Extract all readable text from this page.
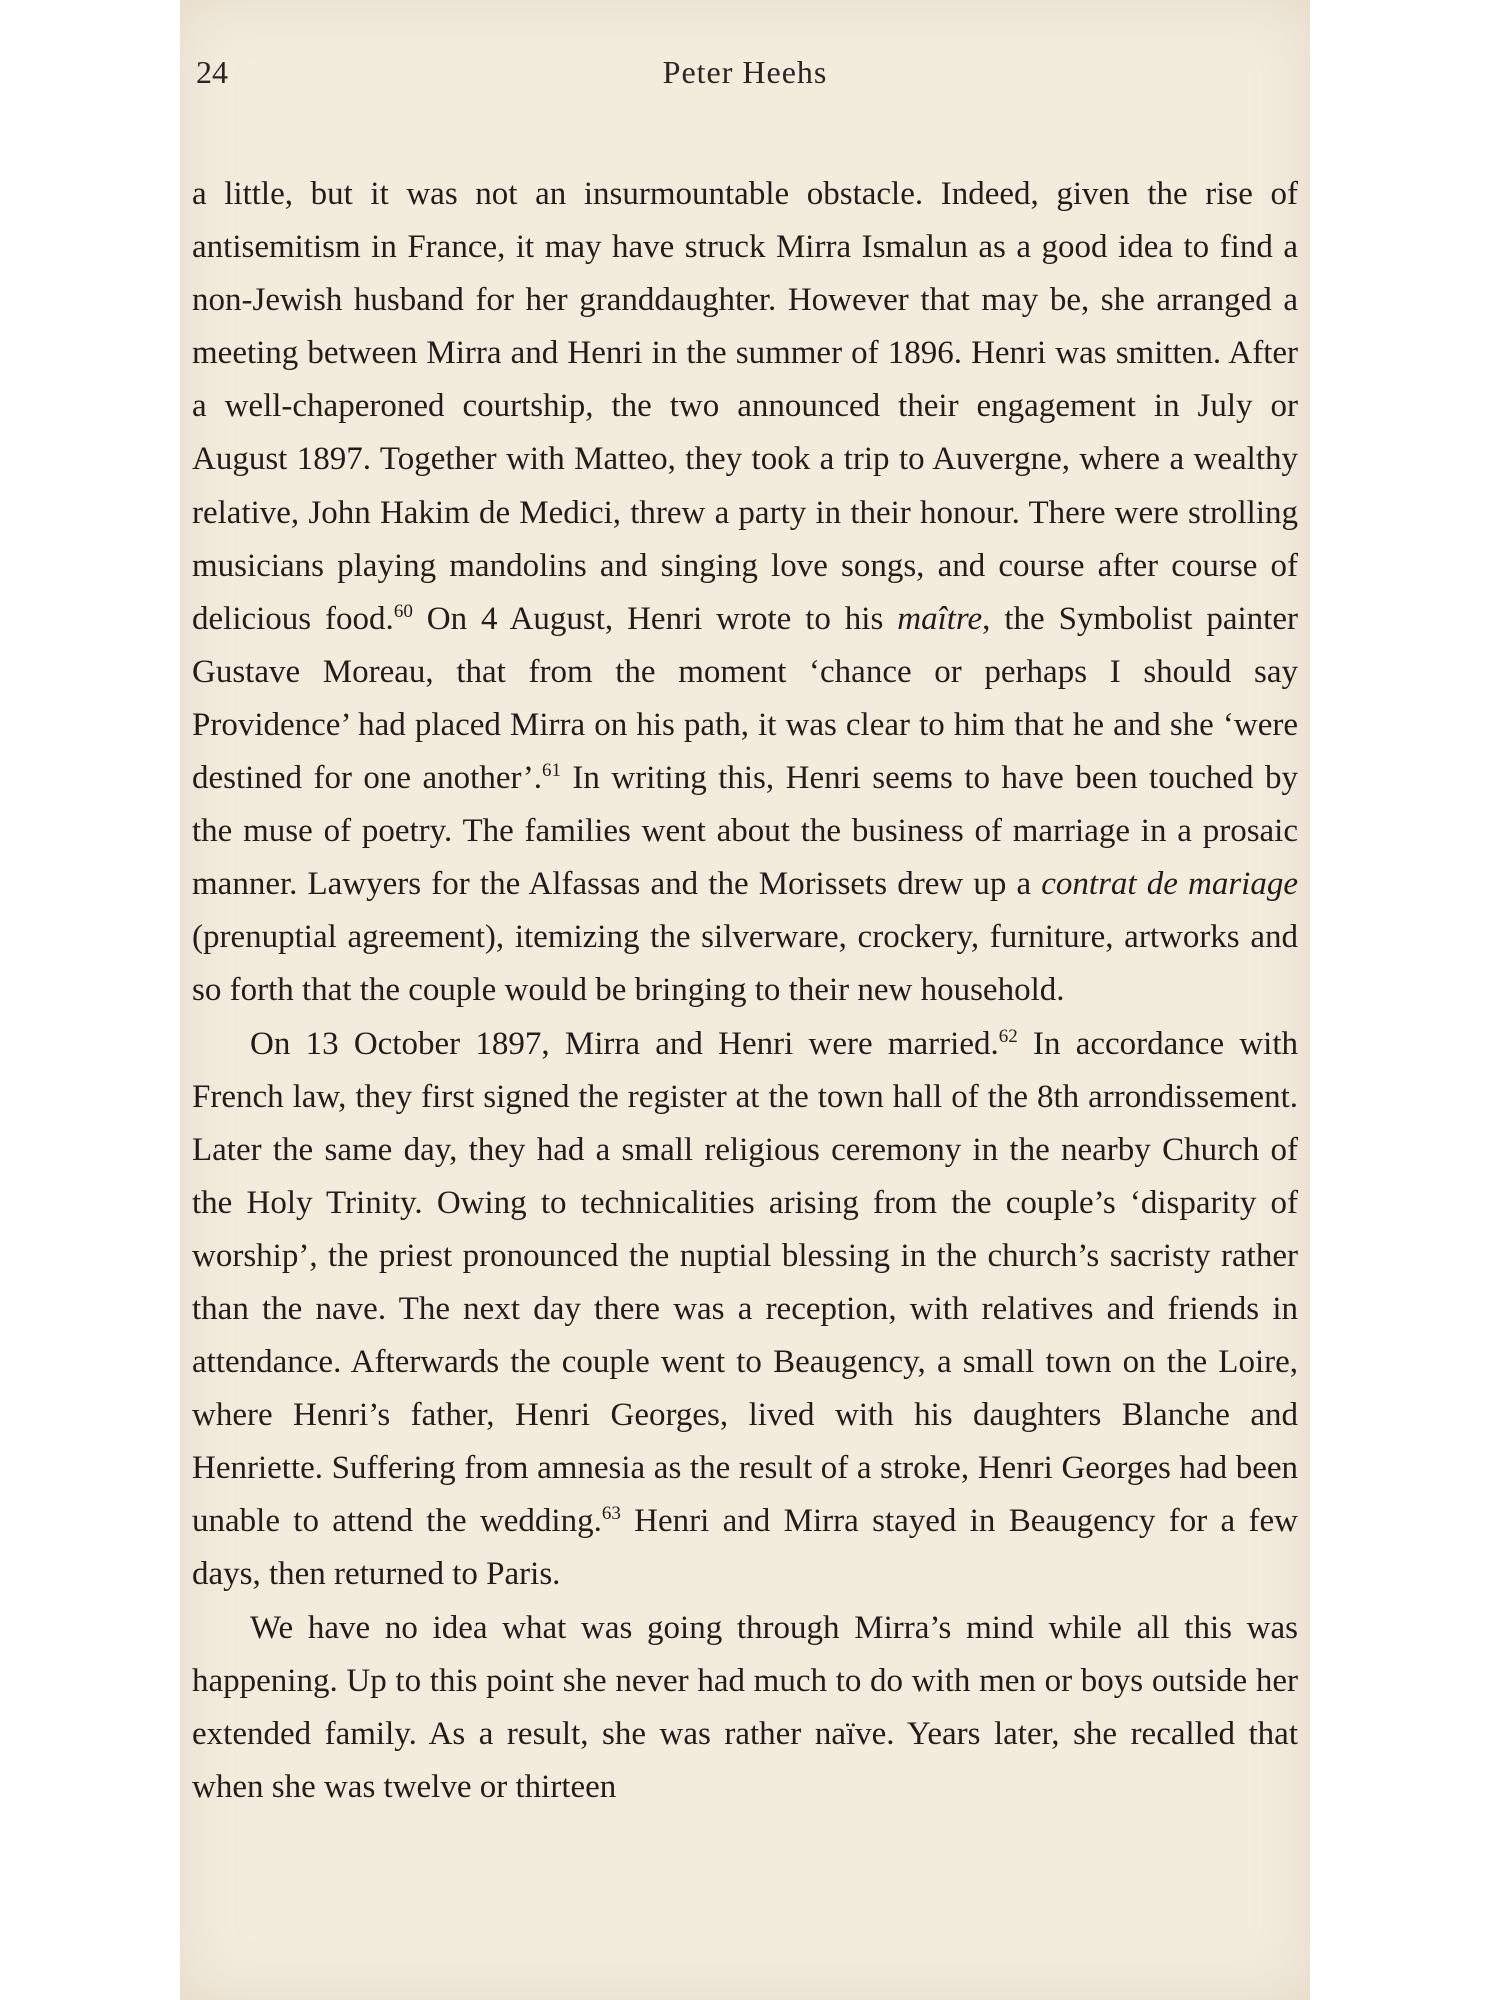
24	Peter Heehs

a little, but it was not an insurmountable obstacle. Indeed, given the rise of antisemitism in France, it may have struck Mirra Ismalun as a good idea to find a non-Jewish husband for her granddaughter. However that may be, she arranged a meeting between Mirra and Henri in the summer of 1896. Henri was smitten. After a well-chaperoned courtship, the two announced their engagement in July or August 1897. Together with Matteo, they took a trip to Auvergne, where a wealthy relative, John Hakim de Medici, threw a party in their honour. There were strolling musicians playing mandolins and singing love songs, and course after course of delicious food.$^{60}$ On 4 August, Henri wrote to his maître, the Symbolist painter Gustave Moreau, that from the moment ‘chance or perhaps I should say Providence’ had placed Mirra on his path, it was clear to him that he and she ‘were destined for one another’.$^{61}$ In writing this, Henri seems to have been touched by the muse of poetry. The families went about the business of marriage in a prosaic manner. Lawyers for the Alfassas and the Morissets drew up a contrat de mariage (prenuptial agreement), itemizing the silverware, crockery, furniture, artworks and so forth that the couple would be bringing to their new household.

On 13 October 1897, Mirra and Henri were married.$^{62}$ In accordance with French law, they first signed the register at the town hall of the 8th arrondissement. Later the same day, they had a small religious ceremony in the nearby Church of the Holy Trinity. Owing to technicalities arising from the couple’s ‘disparity of worship’, the priest pronounced the nuptial blessing in the church’s sacristy rather than the nave. The next day there was a reception, with relatives and friends in attendance. Afterwards the couple went to Beaugency, a small town on the Loire, where Henri’s father, Henri Georges, lived with his daughters Blanche and Henriette. Suffering from amnesia as the result of a stroke, Henri Georges had been unable to attend the wedding.$^{63}$ Henri and Mirra stayed in Beaugency for a few days, then returned to Paris.

We have no idea what was going through Mirra’s mind while all this was happening. Up to this point she never had much to do with men or boys outside her extended family. As a result, she was rather naïve. Years later, she recalled that when she was twelve or thirteen
